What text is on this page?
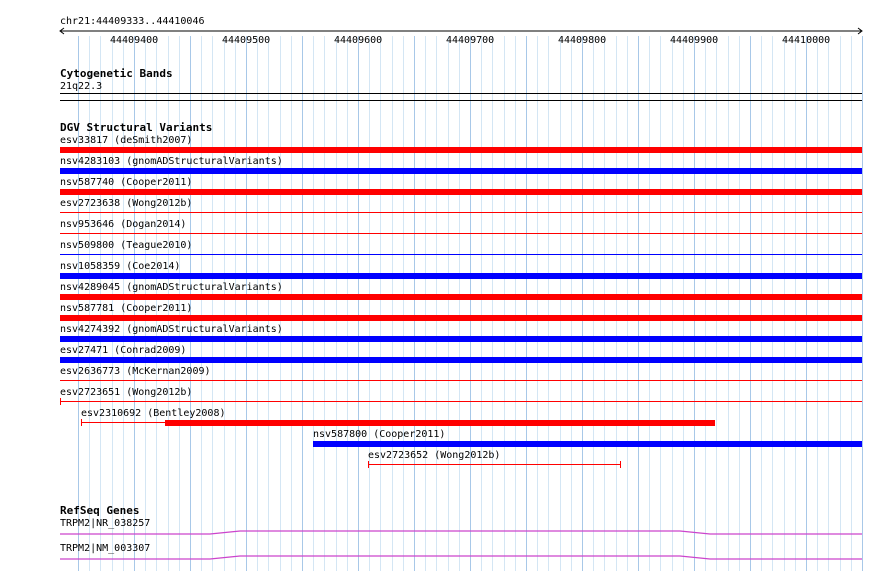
chr21:44409333..44410046
44409400	44409500	44409600	44409700	44409800	44409900	44410000
Cytogenetic Bands
21q22.3
DGV Structural Variants
esv33817 (deSmith2007)
nsv4283103 (gnomADStructuralVariants)
nsv587740 (Cooper2011)
esv2723638 (Wong2012b)
nsv953646 (Dogan2014)
nsv509800 (Teague2010)
nsv1058359 (Coe2014)
nsv4289045 (gnomADStructuralVariants)
nsv587781 (Cooper2011)
nsv4274392 (gnomADStructuralVariants)
esv27471 (Conrad2009)
esv2636773 (McKernan2009)
esv2723651 (Wong2012b)
esv2310692 (Bentley2008)
nsv587800 (Cooper2011)
esv2723652 (Wong2012b)
RefSeq Genes
TRPM2|NR_038257
TRPM2|NM_003307
